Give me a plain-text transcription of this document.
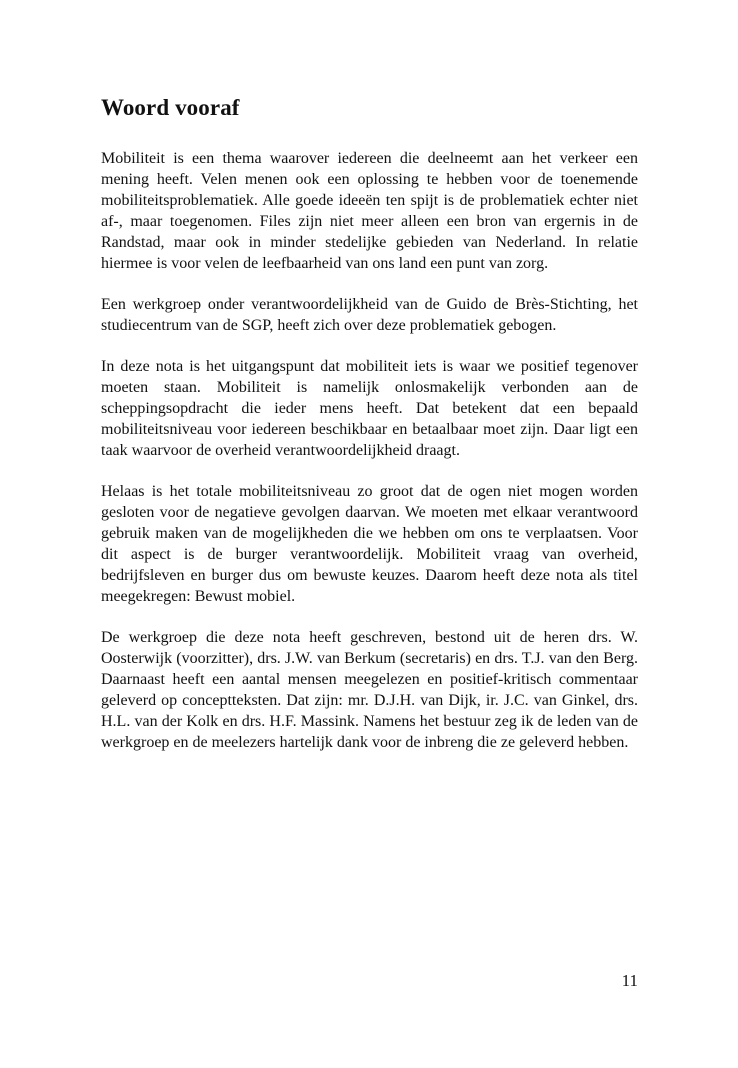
Woord vooraf

Mobiliteit is een thema waarover iedereen die deelneemt aan het verkeer een mening heeft. Velen menen ook een oplossing te hebben voor de toenemende mobiliteitsproblematiek. Alle goede ideeën ten spijt is de problematiek echter niet af-, maar toegenomen. Files zijn niet meer alleen een bron van ergernis in de Randstad, maar ook in minder stedelijke gebieden van Nederland. In relatie hiermee is voor velen de leefbaarheid van ons land een punt van zorg.

Een werkgroep onder verantwoordelijkheid van de Guido de Brès-Stichting, het studiecentrum van de SGP, heeft zich over deze problematiek gebogen.

In deze nota is het uitgangspunt dat mobiliteit iets is waar we positief tegenover moeten staan. Mobiliteit is namelijk onlosmakelijk verbonden aan de scheppingsopdracht die ieder mens heeft. Dat betekent dat een bepaald mobiliteitsniveau voor iedereen beschikbaar en betaalbaar moet zijn. Daar ligt een taak waarvoor de overheid verantwoordelijkheid draagt.

Helaas is het totale mobiliteitsniveau zo groot dat de ogen niet mogen worden gesloten voor de negatieve gevolgen daarvan. We moeten met elkaar verantwoord gebruik maken van de mogelijkheden die we hebben om ons te verplaatsen. Voor dit aspect is de burger verantwoordelijk. Mobiliteit vraag van overheid, bedrijfsleven en burger dus om bewuste keuzes. Daarom heeft deze nota als titel meegekregen: Bewust mobiel.

De werkgroep die deze nota heeft geschreven, bestond uit de heren drs. W. Oosterwijk (voorzitter), drs. J.W. van Berkum (secretaris) en drs. T.J. van den Berg. Daarnaast heeft een aantal mensen meegelezen en positief-kritisch commentaar geleverd op conceptteksten. Dat zijn: mr. D.J.H. van Dijk, ir. J.C. van Ginkel, drs. H.L. van der Kolk en drs. H.F. Massink. Namens het bestuur zeg ik de leden van de werkgroep en de meelezers hartelijk dank voor de inbreng die ze geleverd hebben.

11
